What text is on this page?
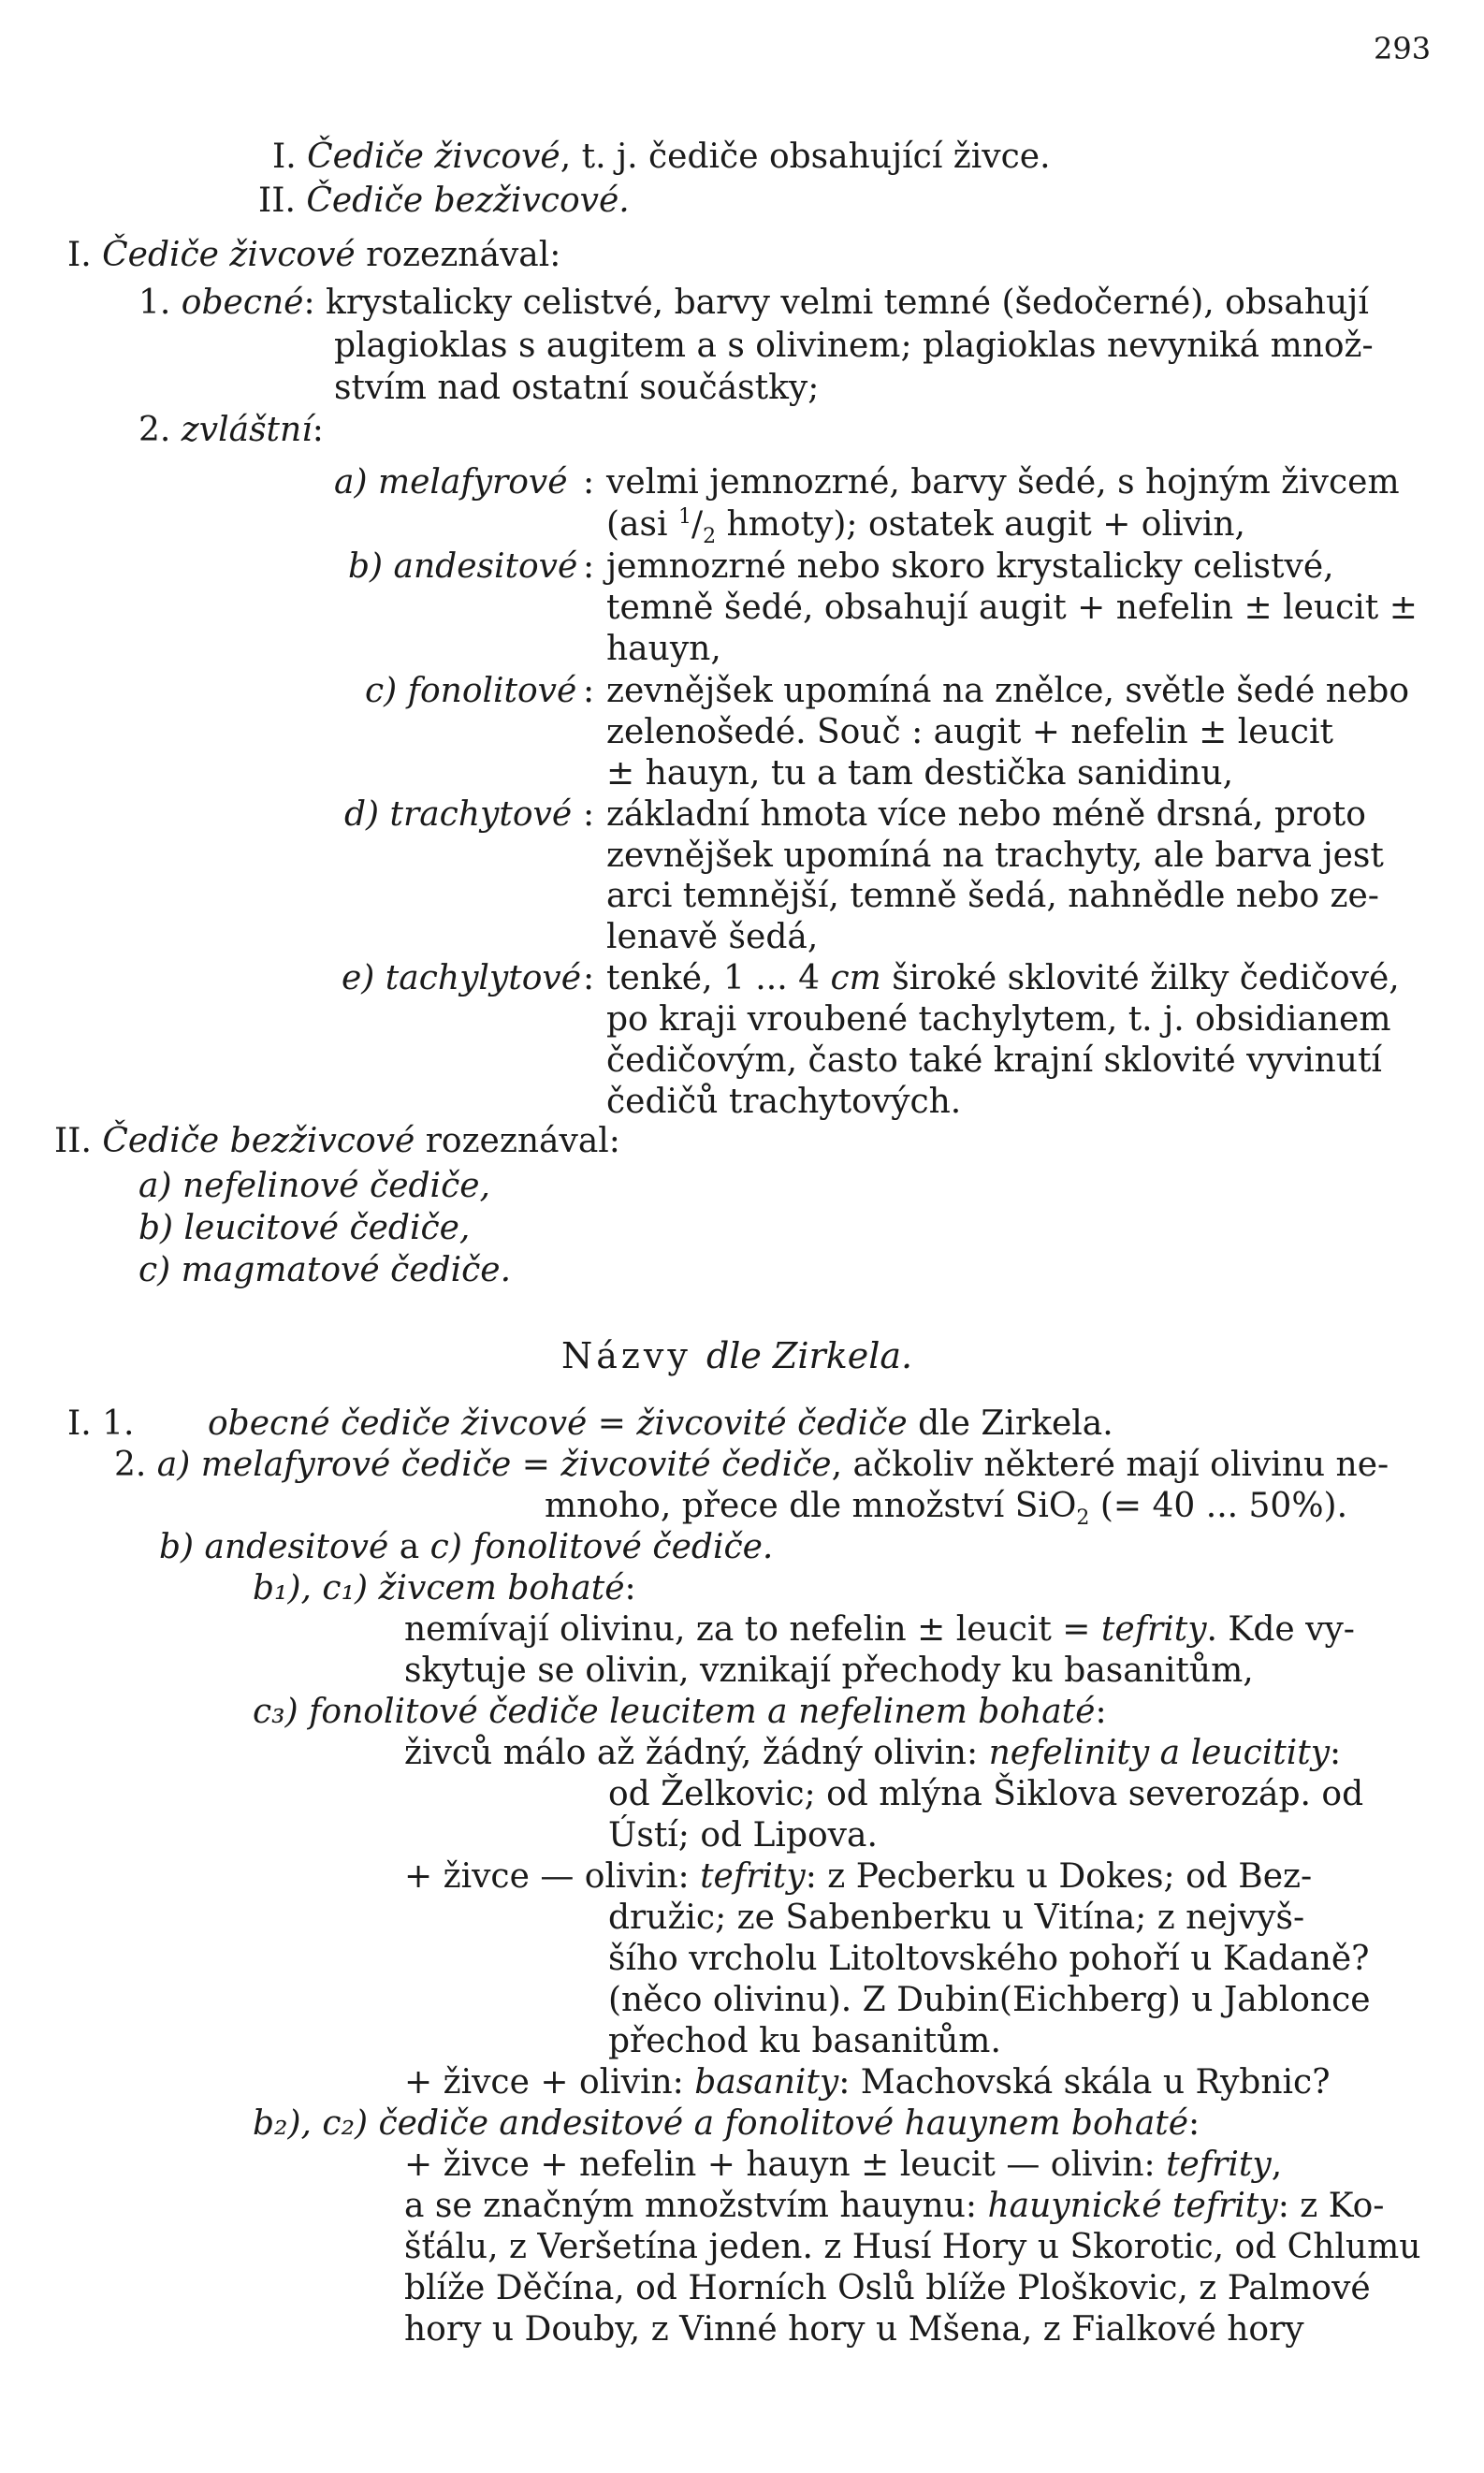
293
I. Čediče živcové, t. j. čediče obsahující živce.
II. Čediče bezživcové.
I. Čediče živcové rozeznával:
1. obecné: krystalicky celistvé, barvy velmi temné (šedočerné), obsahují
plagioklas s augitem a s olivinem; plagioklas nevyniká množ-
stvím nad ostatní součástky;
2. zvláštní:
a) melafyrové : velmi jemnozrné, barvy šedé, s hojným živcem
(asi $^1/_2$ hmoty); ostatek augit + olivin,
b) andesitové : jemnozrné nebo skoro krystalicky celistvé,
temně šedé, obsahují augit + nefelin ± leucit ±
hauyn,
c) fonolitové : zevnějšek upomíná na znělce, světle šedé nebo
zelenošedé. Souč : augit + nefelin ± leucit
± hauyn, tu a tam destička sanidinu,
d) trachytové : základní hmota více nebo méně drsná, proto
zevnějšek upomíná na trachyty, ale barva jest
arci temnější, temně šedá, nahnědle nebo ze-
lenavě šedá,
e) tachylytové : tenké, 1 ... 4 cm široké sklovité žilky čedičové,
po kraji vroubené tachylytem, t. j. obsidianem
čedičovým, často také krajní sklovité vyvinutí
čedičů trachytových.
II. Čediče bezživcové rozeznával:
a) nefelinové čediče,
b) leucitové čediče,
c) magmatové čediče.
Názvy dle Zirkela.
I. 1. obecné čediče živcové = živcovité čediče dle Zirkela.
2. a) melafyrové čediče = živcovité čediče, ačkoliv některé mají olivinu ne-
mnoho, přece dle množství SiO$_2$ (= 40 ... 50%).
b) andesitové a c) fonolitové čediče.
b₁), c₁) živcem bohaté:
nemívají olivinu, za to nefelin ± leucit = tefrity. Kde vy-
skytuje se olivin, vznikají přechody ku basanitům,
c₃) fonolitové čediče leucitem a nefelinem bohaté:
živců málo až žádný, žádný olivin: nefelinity a leucitity:
od Želkovic; od mlýna Šiklova severozáp. od
Ústí; od Lipova.
+ živce — olivin: tefrity: z Pecberku u Dokes; od Bez-
družic; ze Sabenberku u Vitína; z nejvyš-
šího vrcholu Litoltovského pohoří u Kadaně?
(něco olivinu). Z Dubin(Eichberg) u Jablonce
přechod ku basanitům.
+ živce + olivin: basanity: Machovská skála u Rybnic?
b₂), c₂) čediče andesitové a fonolitové hauynem bohaté:
+ živce + nefelin + hauyn ± leucit — olivin: tefrity,
a se značným množstvím hauynu: hauynické tefrity: z Ko-
šťálu, z Veršetína jeden. z Husí Hory u Skorotic, od Chlumu
blíže Děčína, od Horních Oslů blíže Ploškovic, z Palmové
hory u Douby, z Vinné hory u Mšena, z Fialkové hory
